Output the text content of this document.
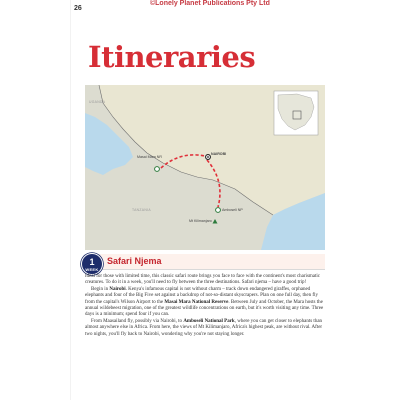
26
©Lonely Planet Publications Pty Ltd
Itineraries
UGANDA
TANZANIA
Masai Mara NR
NAIROBI
Amboseli NP
Mt Kilimanjaro
1
WEEK
Safari Njema

Ideal for those with limited time, this classic safari route brings you face to face with the continent's most charismatic creatures. To do it in a week, you'll need to fly between the three destinations. Safari njema – have a good trip!

Begin in Nairobi. Kenya's infamous capital is not without charm – track down endangered giraffes, orphaned elephants and four of the Big Five set against a backdrop of not-so-distant skyscrapers. Plan on one full day, then fly from the capital's Wilson Airport to the Masai Mara National Reserve. Between July and October, the Mara hosts the annual wildebeest migration, one of the greatest wildlife concentrations on earth, but it's worth visiting any time. Three days is a minimum; spend four if you can.

From Maasailand fly, possibly via Nairobi, to Amboseli National Park, where you can get closer to elephants than almost anywhere else in Africa. From here, the views of Mt Kilimanjaro, Africa's highest peak, are without rival. After two nights, you'll fly back to Nairobi, wondering why you're not staying longer.
